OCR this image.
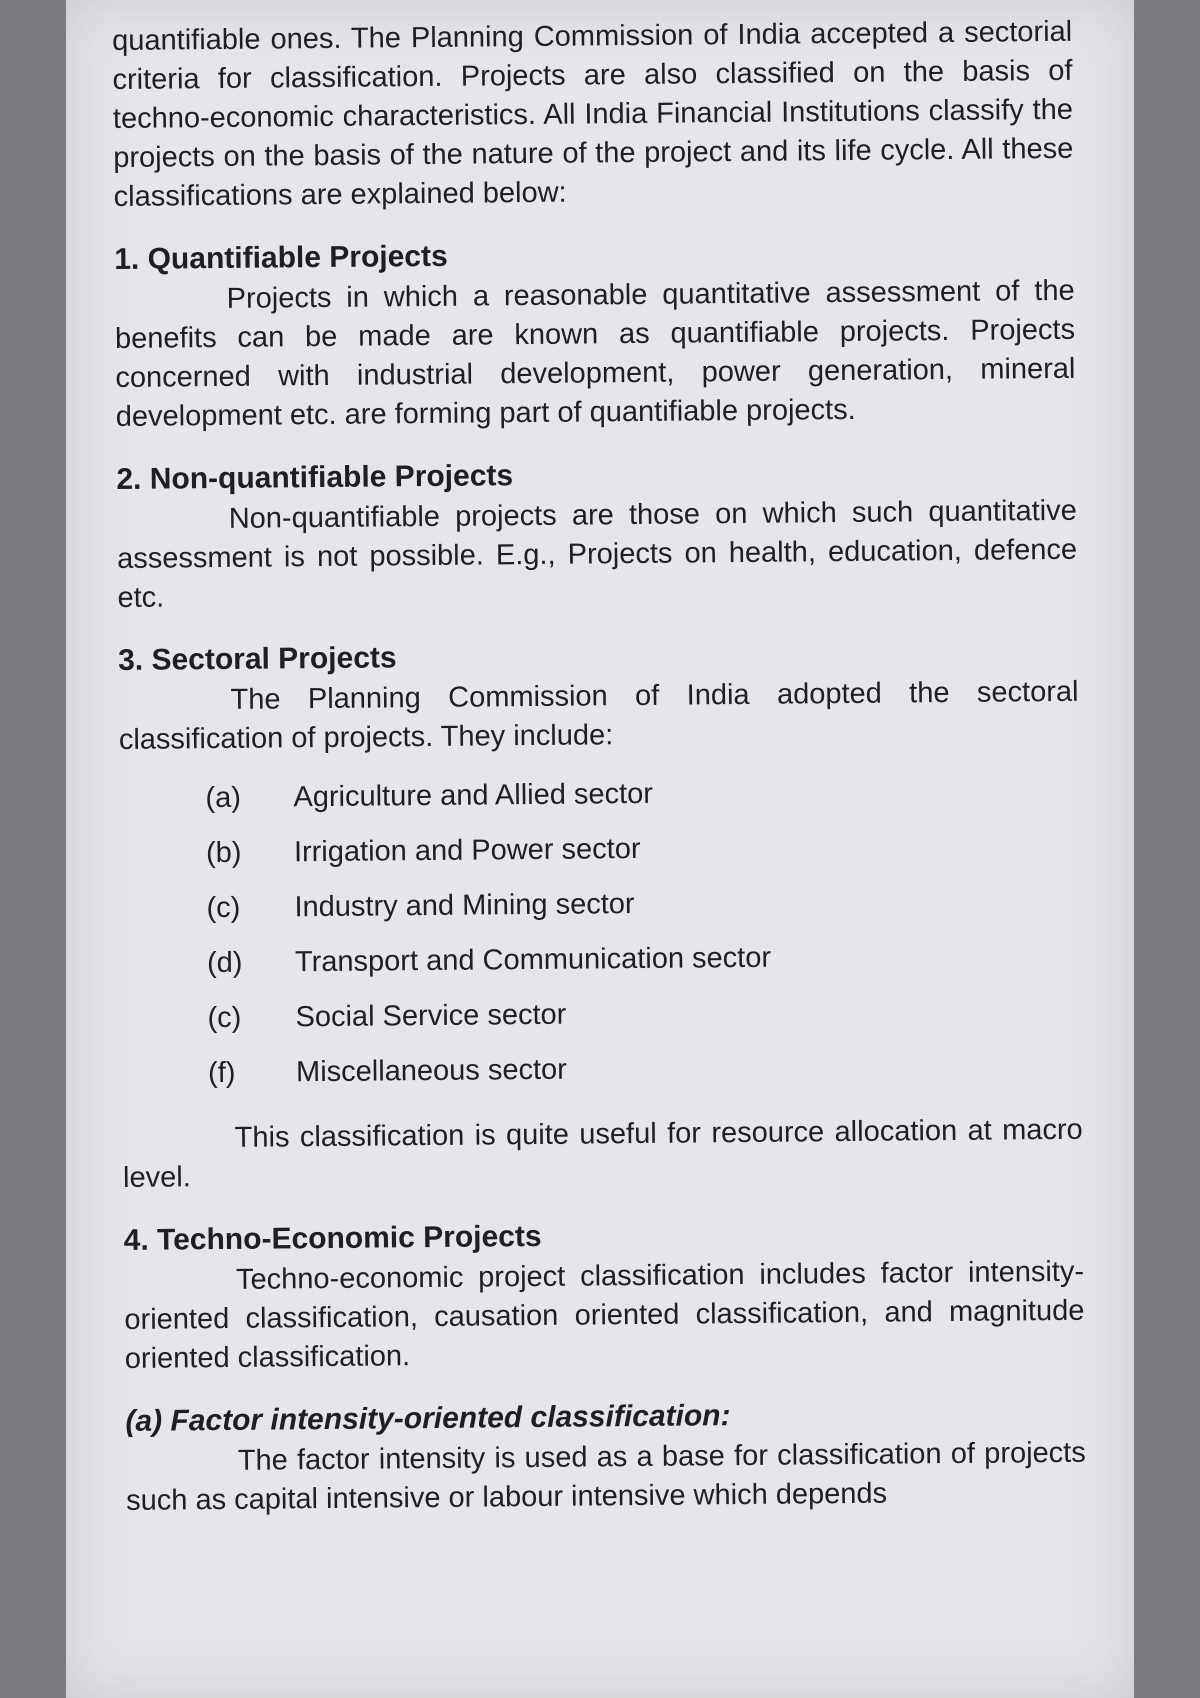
quantifiable ones. The Planning Commission of India accepted a sectorial criteria for classification. Projects are also classified on the basis of techno-economic characteristics. All India Financial Institutions classify the projects on the basis of the nature of the project and its life cycle. All these classifications are explained below:

1. Quantifiable Projects

Projects in which a reasonable quantitative assessment of the benefits can be made are known as quantifiable projects. Projects concerned with industrial development, power generation, mineral development etc. are forming part of quantifiable projects.

2. Non-quantifiable Projects

Non-quantifiable projects are those on which such quantitative assessment is not possible. E.g., Projects on health, education, defence etc.

3. Sectoral Projects

The Planning Commission of India adopted the sectoral classification of projects. They include:

(a)	Agriculture and Allied sector
(b)	Irrigation and Power sector
(c)	Industry and Mining sector
(d)	Transport and Communication sector
(c)	Social Service sector
(f)	Miscellaneous sector

This classification is quite useful for resource allocation at macro level.

4. Techno-Economic Projects

Techno-economic project classification includes factor intensity-oriented classification, causation oriented classification, and magnitude oriented classification.

(a) Factor intensity-oriented classification:

The factor intensity is used as a base for classification of projects such as capital intensive or labour intensive which depends
